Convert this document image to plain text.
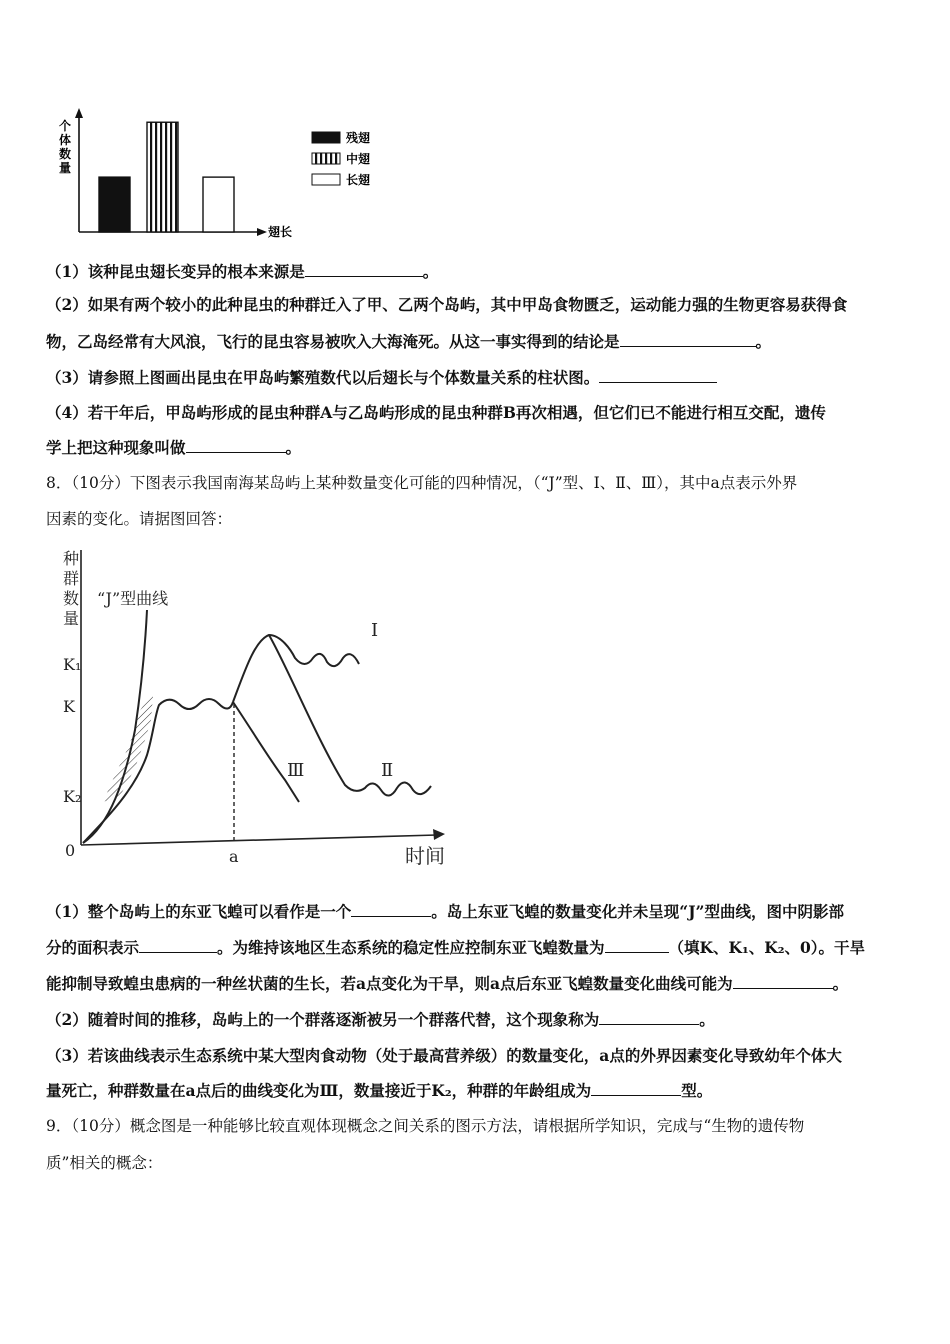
个体数量
翅长
残翅
中翅
长翅
（1）该种昆虫翅长变异的根本来源是	。
（2）如果有两个较小的此种昆虫的种群迁入了甲、乙两个岛屿，其中甲岛食物匮乏，运动能力强的生物更容易获得食
物，乙岛经常有大风浪，飞行的昆虫容易被吹入大海淹死。从这一事实得到的结论是	。
（3）请参照上图画出昆虫在甲岛屿繁殖数代以后翅长与个体数量关系的柱状图。
（4）若干年后，甲岛屿形成的昆虫种群A与乙岛屿形成的昆虫种群B再次相遇，但它们已不能进行相互交配，遗传
学上把这种现象叫做	。
8．（10分）下图表示我国南海某岛屿上某种数量变化可能的四种情况，（“J”型、Ⅰ、Ⅱ、Ⅲ），其中a点表示外界
因素的变化。请据图回答：
种
群
数
量
“J”型曲线
K₁
K
K₂
0	a	时间
Ⅰ
Ⅱ
Ⅲ
（1）整个岛屿上的东亚飞蝗可以看作是一个	。岛上东亚飞蝗的数量变化并未呈现“J”型曲线，图中阴影部
分的面积表示	。为维持该地区生态系统的稳定性应控制东亚飞蝗数量为	（填K、K₁、K₂、0）。干旱
能抑制导致蝗虫患病的一种丝状菌的生长，若a点变化为干旱，则a点后东亚飞蝗数量变化曲线可能为	。
（2）随着时间的推移，岛屿上的一个群落逐渐被另一个群落代替，这个现象称为	。
（3）若该曲线表示生态系统中某大型肉食动物（处于最高营养级）的数量变化，a点的外界因素变化导致幼年个体大
量死亡，种群数量在a点后的曲线变化为Ⅲ，数量接近于K₂，种群的年龄组成为	型。
9．（10分）概念图是一种能够比较直观体现概念之间关系的图示方法，请根据所学知识，完成与“生物的遗传物
质”相关的概念：
